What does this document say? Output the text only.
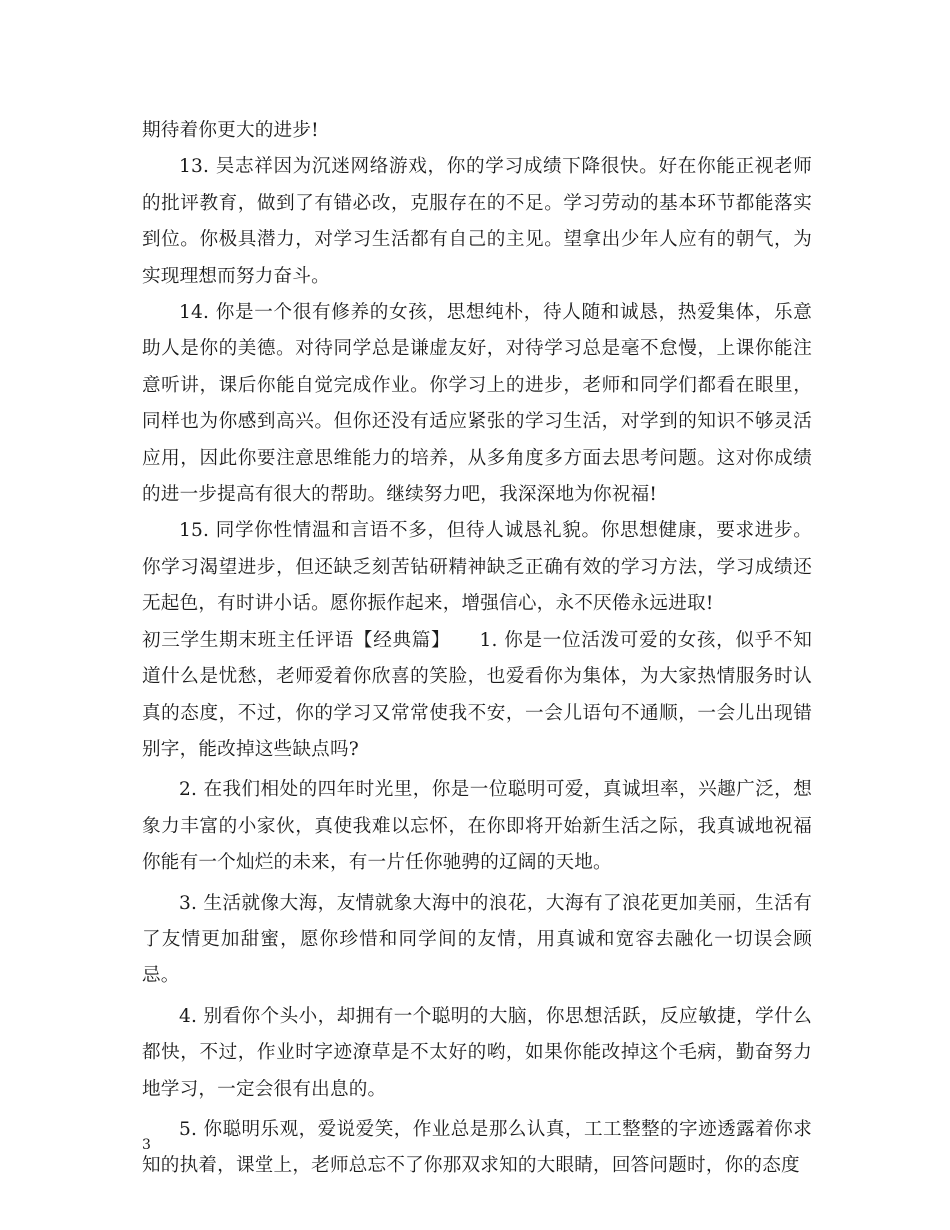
期待着你更大的进步!

13. 吴志祥因为沉迷网络游戏，你的学习成绩下降很快。好在你能正视老师的批评教育，做到了有错必改，克服存在的不足。学习劳动的基本环节都能落实到位。你极具潜力，对学习生活都有自己的主见。望拿出少年人应有的朝气，为实现理想而努力奋斗。

14. 你是一个很有修养的女孩，思想纯朴，待人随和诚恳，热爱集体，乐意助人是你的美德。对待同学总是谦虚友好，对待学习总是毫不怠慢，上课你能注意听讲，课后你能自觉完成作业。你学习上的进步，老师和同学们都看在眼里，同样也为你感到高兴。但你还没有适应紧张的学习生活，对学到的知识不够灵活应用，因此你要注意思维能力的培养，从多角度多方面去思考问题。这对你成绩的进一步提高有很大的帮助。继续努力吧，我深深地为你祝福!

15. 同学你性情温和言语不多，但待人诚恳礼貌。你思想健康，要求进步。你学习渴望进步，但还缺乏刻苦钻研精神缺乏正确有效的学习方法，学习成绩还无起色，有时讲小话。愿你振作起来，增强信心，永不厌倦永远进取!

初三学生期末班主任评语【经典篇】　　1. 你是一位活泼可爱的女孩，似乎不知道什么是忧愁，老师爱着你欣喜的笑脸，也爱看你为集体，为大家热情服务时认真的态度，不过，你的学习又常常使我不安，一会儿语句不通顺，一会儿出现错别字，能改掉这些缺点吗?

2. 在我们相处的四年时光里，你是一位聪明可爱，真诚坦率，兴趣广泛，想象力丰富的小家伙，真使我难以忘怀，在你即将开始新生活之际，我真诚地祝福你能有一个灿烂的未来，有一片任你驰骋的辽阔的天地。

3. 生活就像大海，友情就象大海中的浪花，大海有了浪花更加美丽，生活有了友情更加甜蜜，愿你珍惜和同学间的友情，用真诚和宽容去融化一切误会顾忌。

4. 别看你个头小，却拥有一个聪明的大脑，你思想活跃，反应敏捷，学什么都快，不过，作业时字迹潦草是不太好的哟，如果你能改掉这个毛病，勤奋努力地学习，一定会很有出息的。

5. 你聪明乐观，爱说爱笑，作业总是那么认真，工工整整的字迹透露着你求知的执着，课堂上，老师总忘不了你那双求知的大眼睛，回答问题时，你的态度

3
